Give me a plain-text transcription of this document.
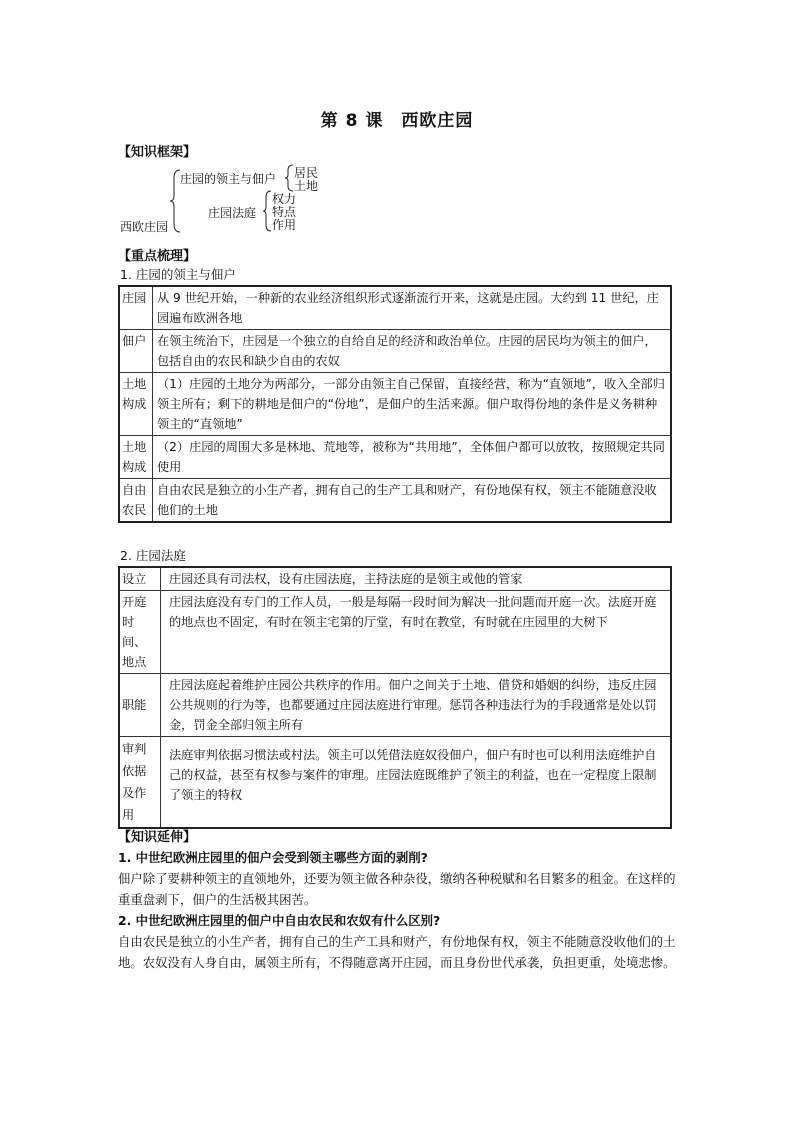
第 8 课　西欧庄园
【知识框架】
西欧庄园
庄园的领主与佃户 居民
土地
庄园法庭
权力
特点
作用
【重点梳理】
1. 庄园的领主与佃户
庄园	从 9 世纪开始，一种新的农业经济组织形式逐渐流行开来，这就是庄园。大约到 11 世纪，庄园遍布欧洲各地
佃户	在领主统治下，庄园是一个独立的自给自足的经济和政治单位。庄园的居民均为领主的佃户，包括自由的农民和缺少自由的农奴
土地构成	（1）庄园的土地分为两部分，一部分由领主自己保留，直接经营，称为“直领地”，收入全部归领主所有；剩下的耕地是佃户的“份地”，是佃户的生活来源。佃户取得份地的条件是义务耕种领主的“直领地”
土地构成	（2）庄园的周围大多是林地、荒地等，被称为“共用地”，全体佃户都可以放牧，按照规定共同使用
自由农民	自由农民是独立的小生产者，拥有自己的生产工具和财产，有份地保有权，领主不能随意没收他们的土地
2. 庄园法庭
设立	庄园还具有司法权，设有庄园法庭，主持法庭的是领主或他的管家
开庭时间、地点	庄园法庭没有专门的工作人员，一般是每隔一段时间为解决一批问题而开庭一次。法庭开庭的地点也不固定，有时在领主宅第的厅堂，有时在教堂，有时就在庄园里的大树下
职能	庄园法庭起着维护庄园公共秩序的作用。佃户之间关于土地、借贷和婚姻的纠纷，违反庄园公共规则的行为等，也都要通过庄园法庭进行审理。惩罚各种违法行为的手段通常是处以罚金，罚金全部归领主所有
审判依据及作用	法庭审判依据习惯法或村法。领主可以凭借法庭奴役佃户，佃户有时也可以利用法庭维护自己的权益，甚至有权参与案件的审理。庄园法庭既维护了领主的利益，也在一定程度上限制了领主的特权
【知识延伸】
1. 中世纪欧洲庄园里的佃户会受到领主哪些方面的剥削?
佃户除了要耕种领主的直领地外，还要为领主做各种杂役，缴纳各种税赋和名目繁多的租金。在这样的重重盘剥下，佃户的生活极其困苦。
2. 中世纪欧洲庄园里的佃户中自由农民和农奴有什么区别?
自由农民是独立的小生产者，拥有自己的生产工具和财产，有份地保有权，领主不能随意没收他们的土地。农奴没有人身自由，属领主所有，不得随意离开庄园，而且身份世代承袭，负担更重，处境悲惨。
